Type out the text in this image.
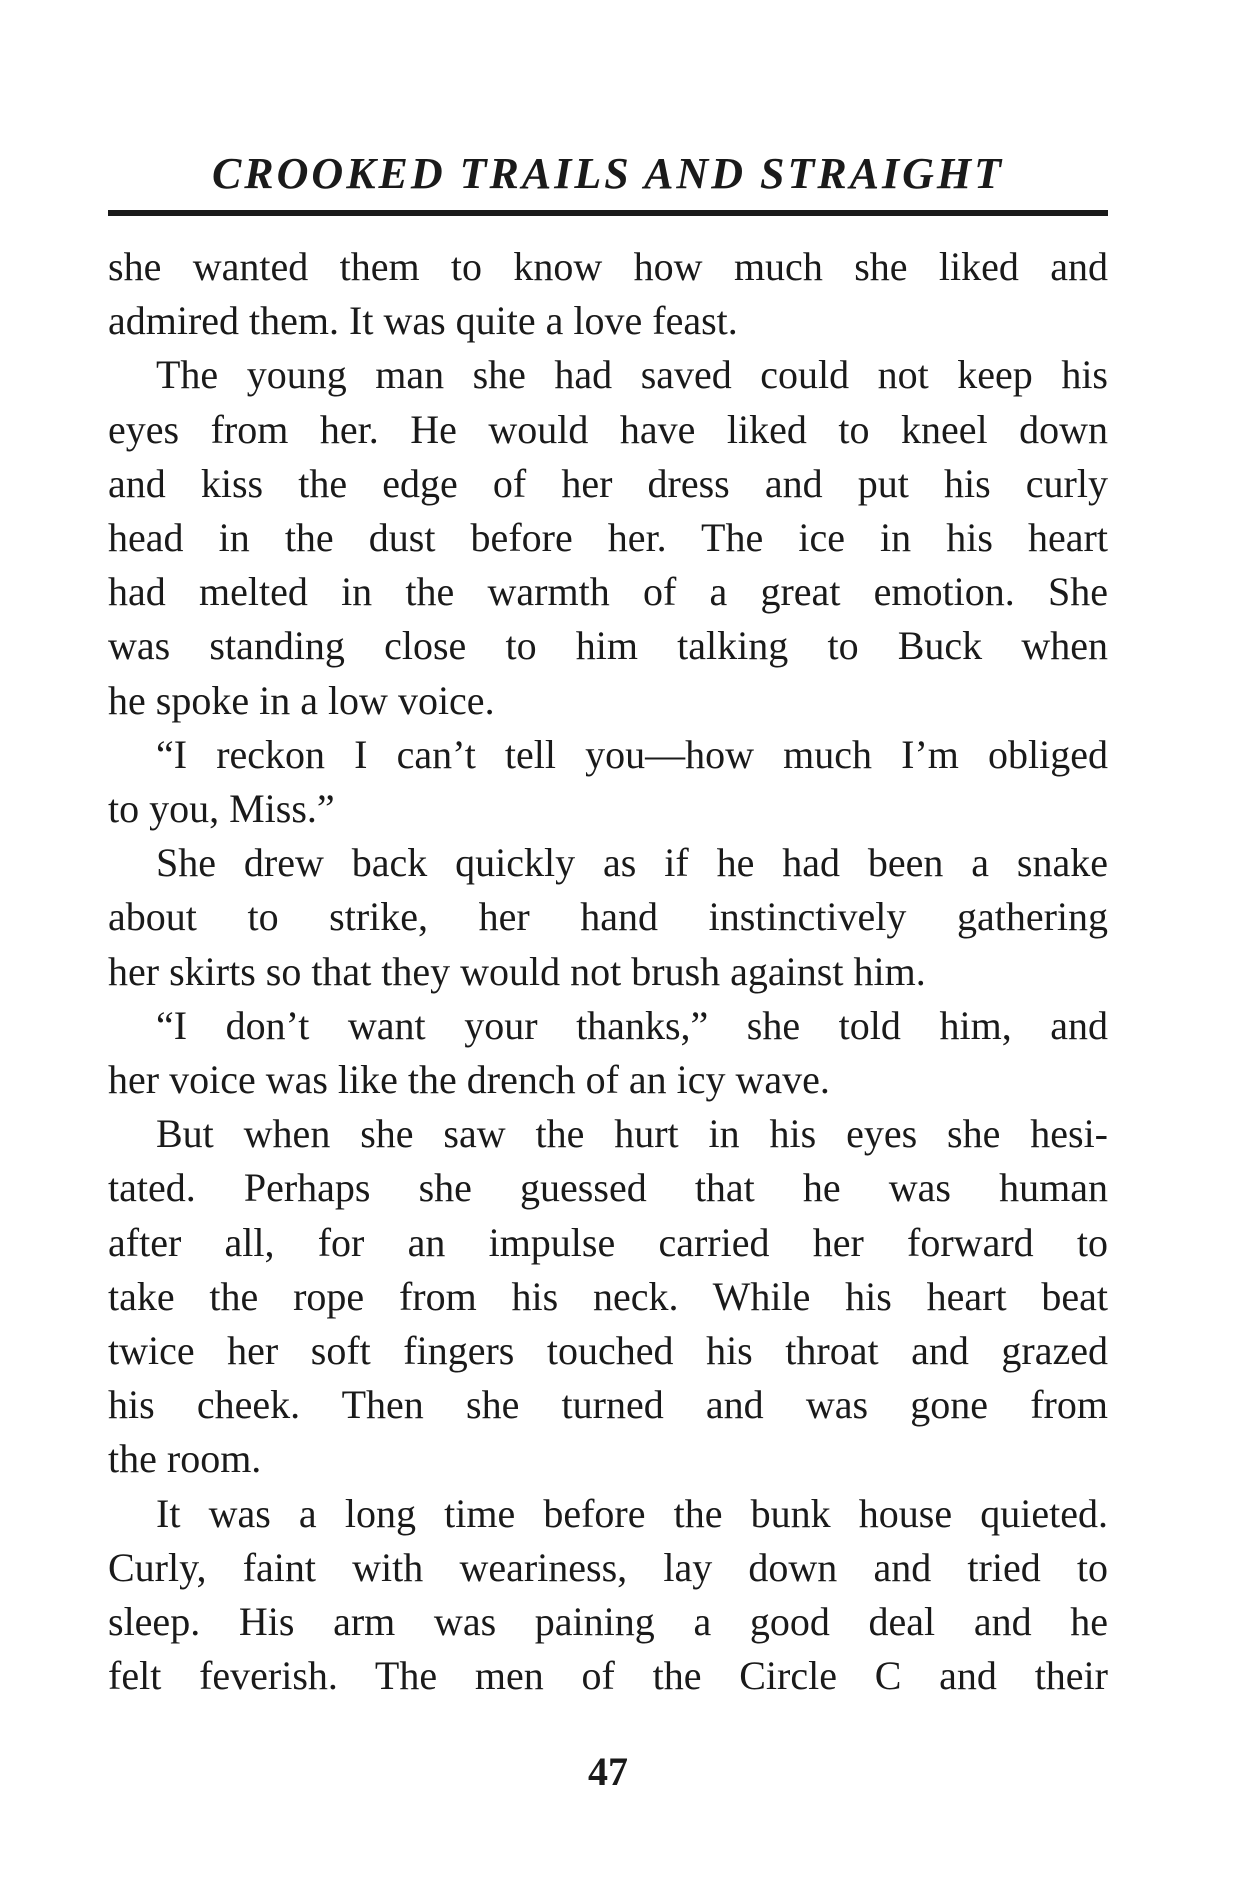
CROOKED TRAILS AND STRAIGHT
she wanted them to know how much she liked and
admired them. It was quite a love feast.
The young man she had saved could not keep his
eyes from her. He would have liked to kneel down
and kiss the edge of her dress and put his curly
head in the dust before her. The ice in his heart
had melted in the warmth of a great emotion. She
was standing close to him talking to Buck when
he spoke in a low voice.
“I reckon I can’t tell you—how much I’m obliged
to you, Miss.”
She drew back quickly as if he had been a snake
about to strike, her hand instinctively gathering
her skirts so that they would not brush against him.
“I don’t want your thanks,” she told him, and
her voice was like the drench of an icy wave.
But when she saw the hurt in his eyes she hesi-
tated. Perhaps she guessed that he was human
after all, for an impulse carried her forward to
take the rope from his neck. While his heart beat
twice her soft fingers touched his throat and grazed
his cheek. Then she turned and was gone from
the room.
It was a long time before the bunk house quieted.
Curly, faint with weariness, lay down and tried to
sleep. His arm was paining a good deal and he
felt feverish. The men of the Circle C and their
47
